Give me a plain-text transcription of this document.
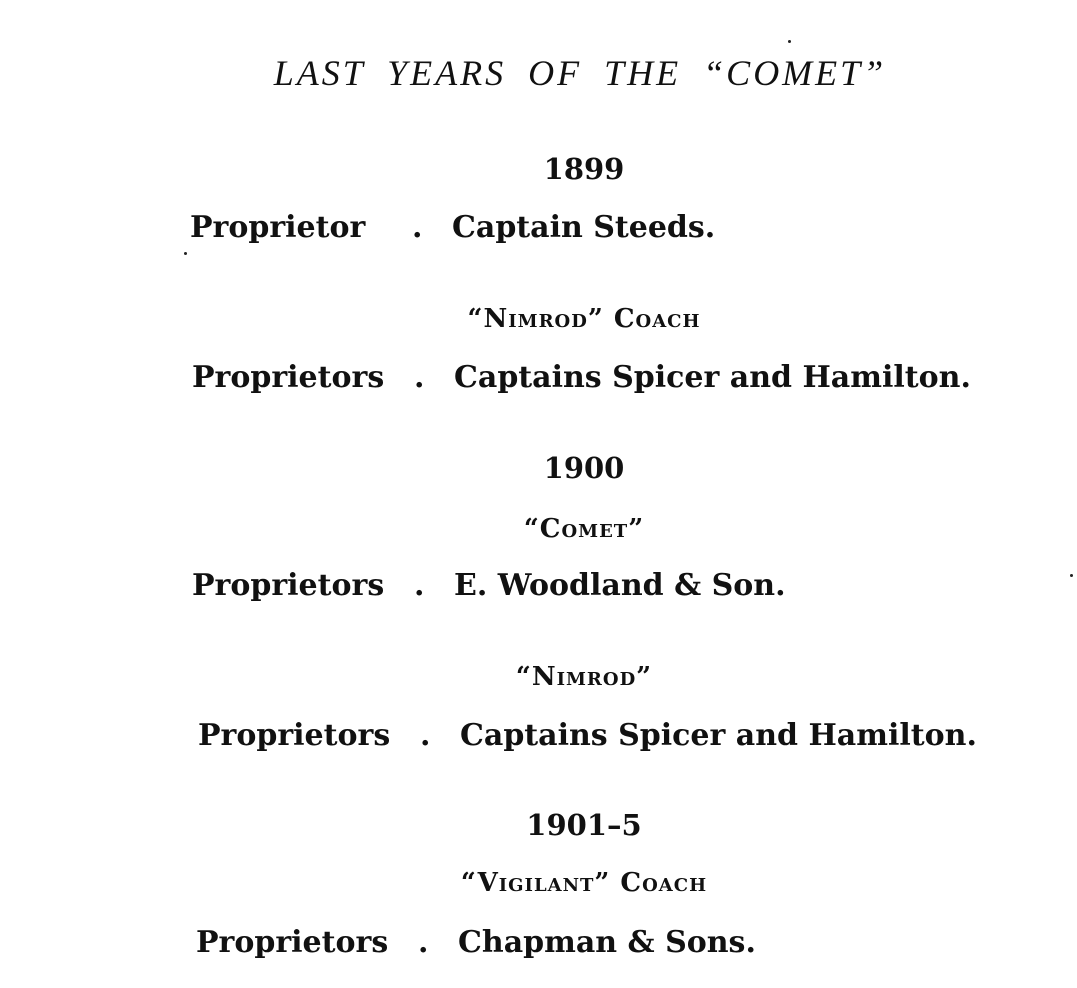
LAST YEARS OF THE “COMET”
1899
Proprietor . Captain Steeds.
“Nimrod” Coach
Proprietors . Captains Spicer and Hamilton.
1900
“Comet”
Proprietors . E. Woodland & Son.
“Nimrod”
Proprietors . Captains Spicer and Hamilton.
1901–5
“Vigilant” Coach
Proprietors . Chapman & Sons.
